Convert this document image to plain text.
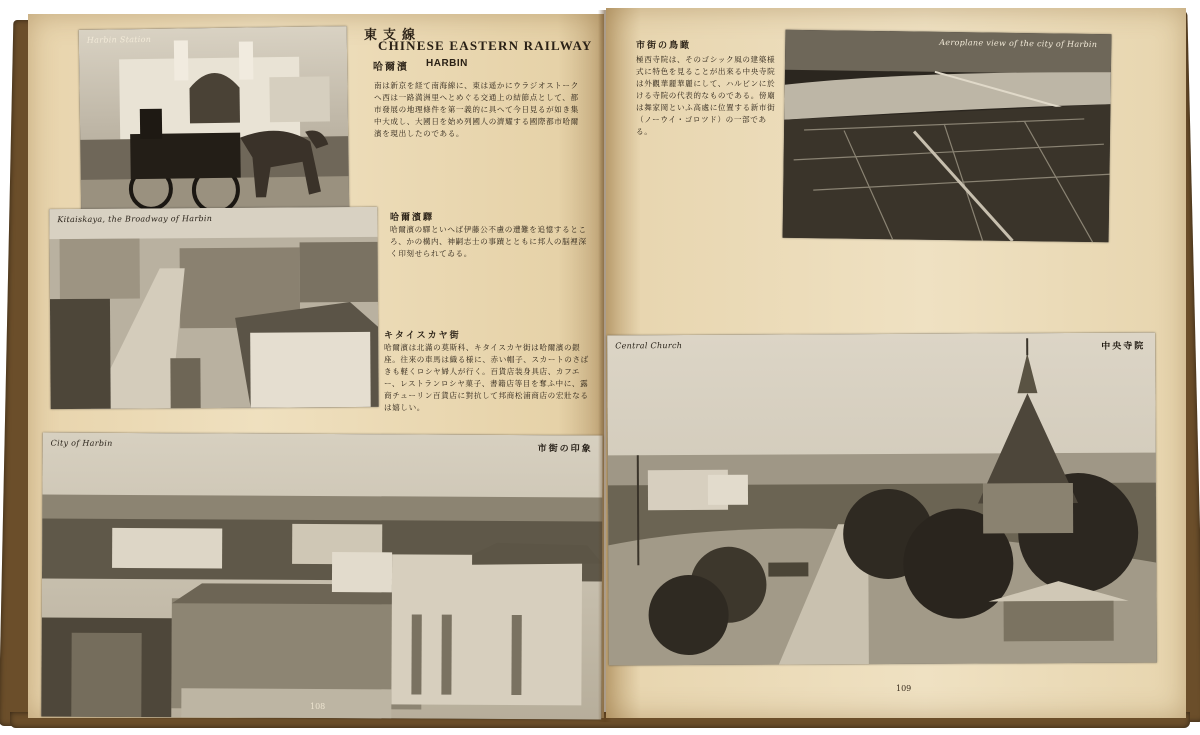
Harbin Station	東支線
CHINESE EASTERN RAILWAY
哈爾濱 HARBIN
南は新京を経て南海線に、東は遥かにウラジオストークへ西は一路満洲里へとめぐる交通上の結節点として、都市發展の地理條件を第一義的に具へて今日見るが如き集中大成し、大國日を始め列國人の濟耀する國際都市哈爾濱を現出したのである。
Kitaiskaya, the Broadway of Harbin	哈爾濱驛
哈爾濱の驛といへば伊藤公不慮の遭難を追憶するところ、かの構内、神嗣志士の事蹟とともに邦人の脳裡深く印刻せられてゐる。
キタイスカヤ街
哈爾濱は北滿の莫斯科、キタイスカヤ街は哈爾濱の銀座。往來の車馬は織る様に、赤い帽子、スカートのさばきも軽くロシヤ婦人が行く。百貨店装身具店、カフエー、レストランロシヤ菓子、書籍店等目を奪ふ中に、露商チューリン百貨店に對抗して邦商松浦商店の宏壯なるは嬉しい。
City of Harbin
市街の印象
108
市街の鳥瞰
極西寺院は、そのゴシック風の建築様式に特色を見ることが出來る中央寺院は外觀華麗華麗にして、ハルビンに於ける寺院の代表的なものである。傍廟は舞家岡といふ高處に位置する新市街（ノーウイ・ゴロツド）の一部である。
Aeroplane view of the city of Harbin
Central Church	中央寺院
109
